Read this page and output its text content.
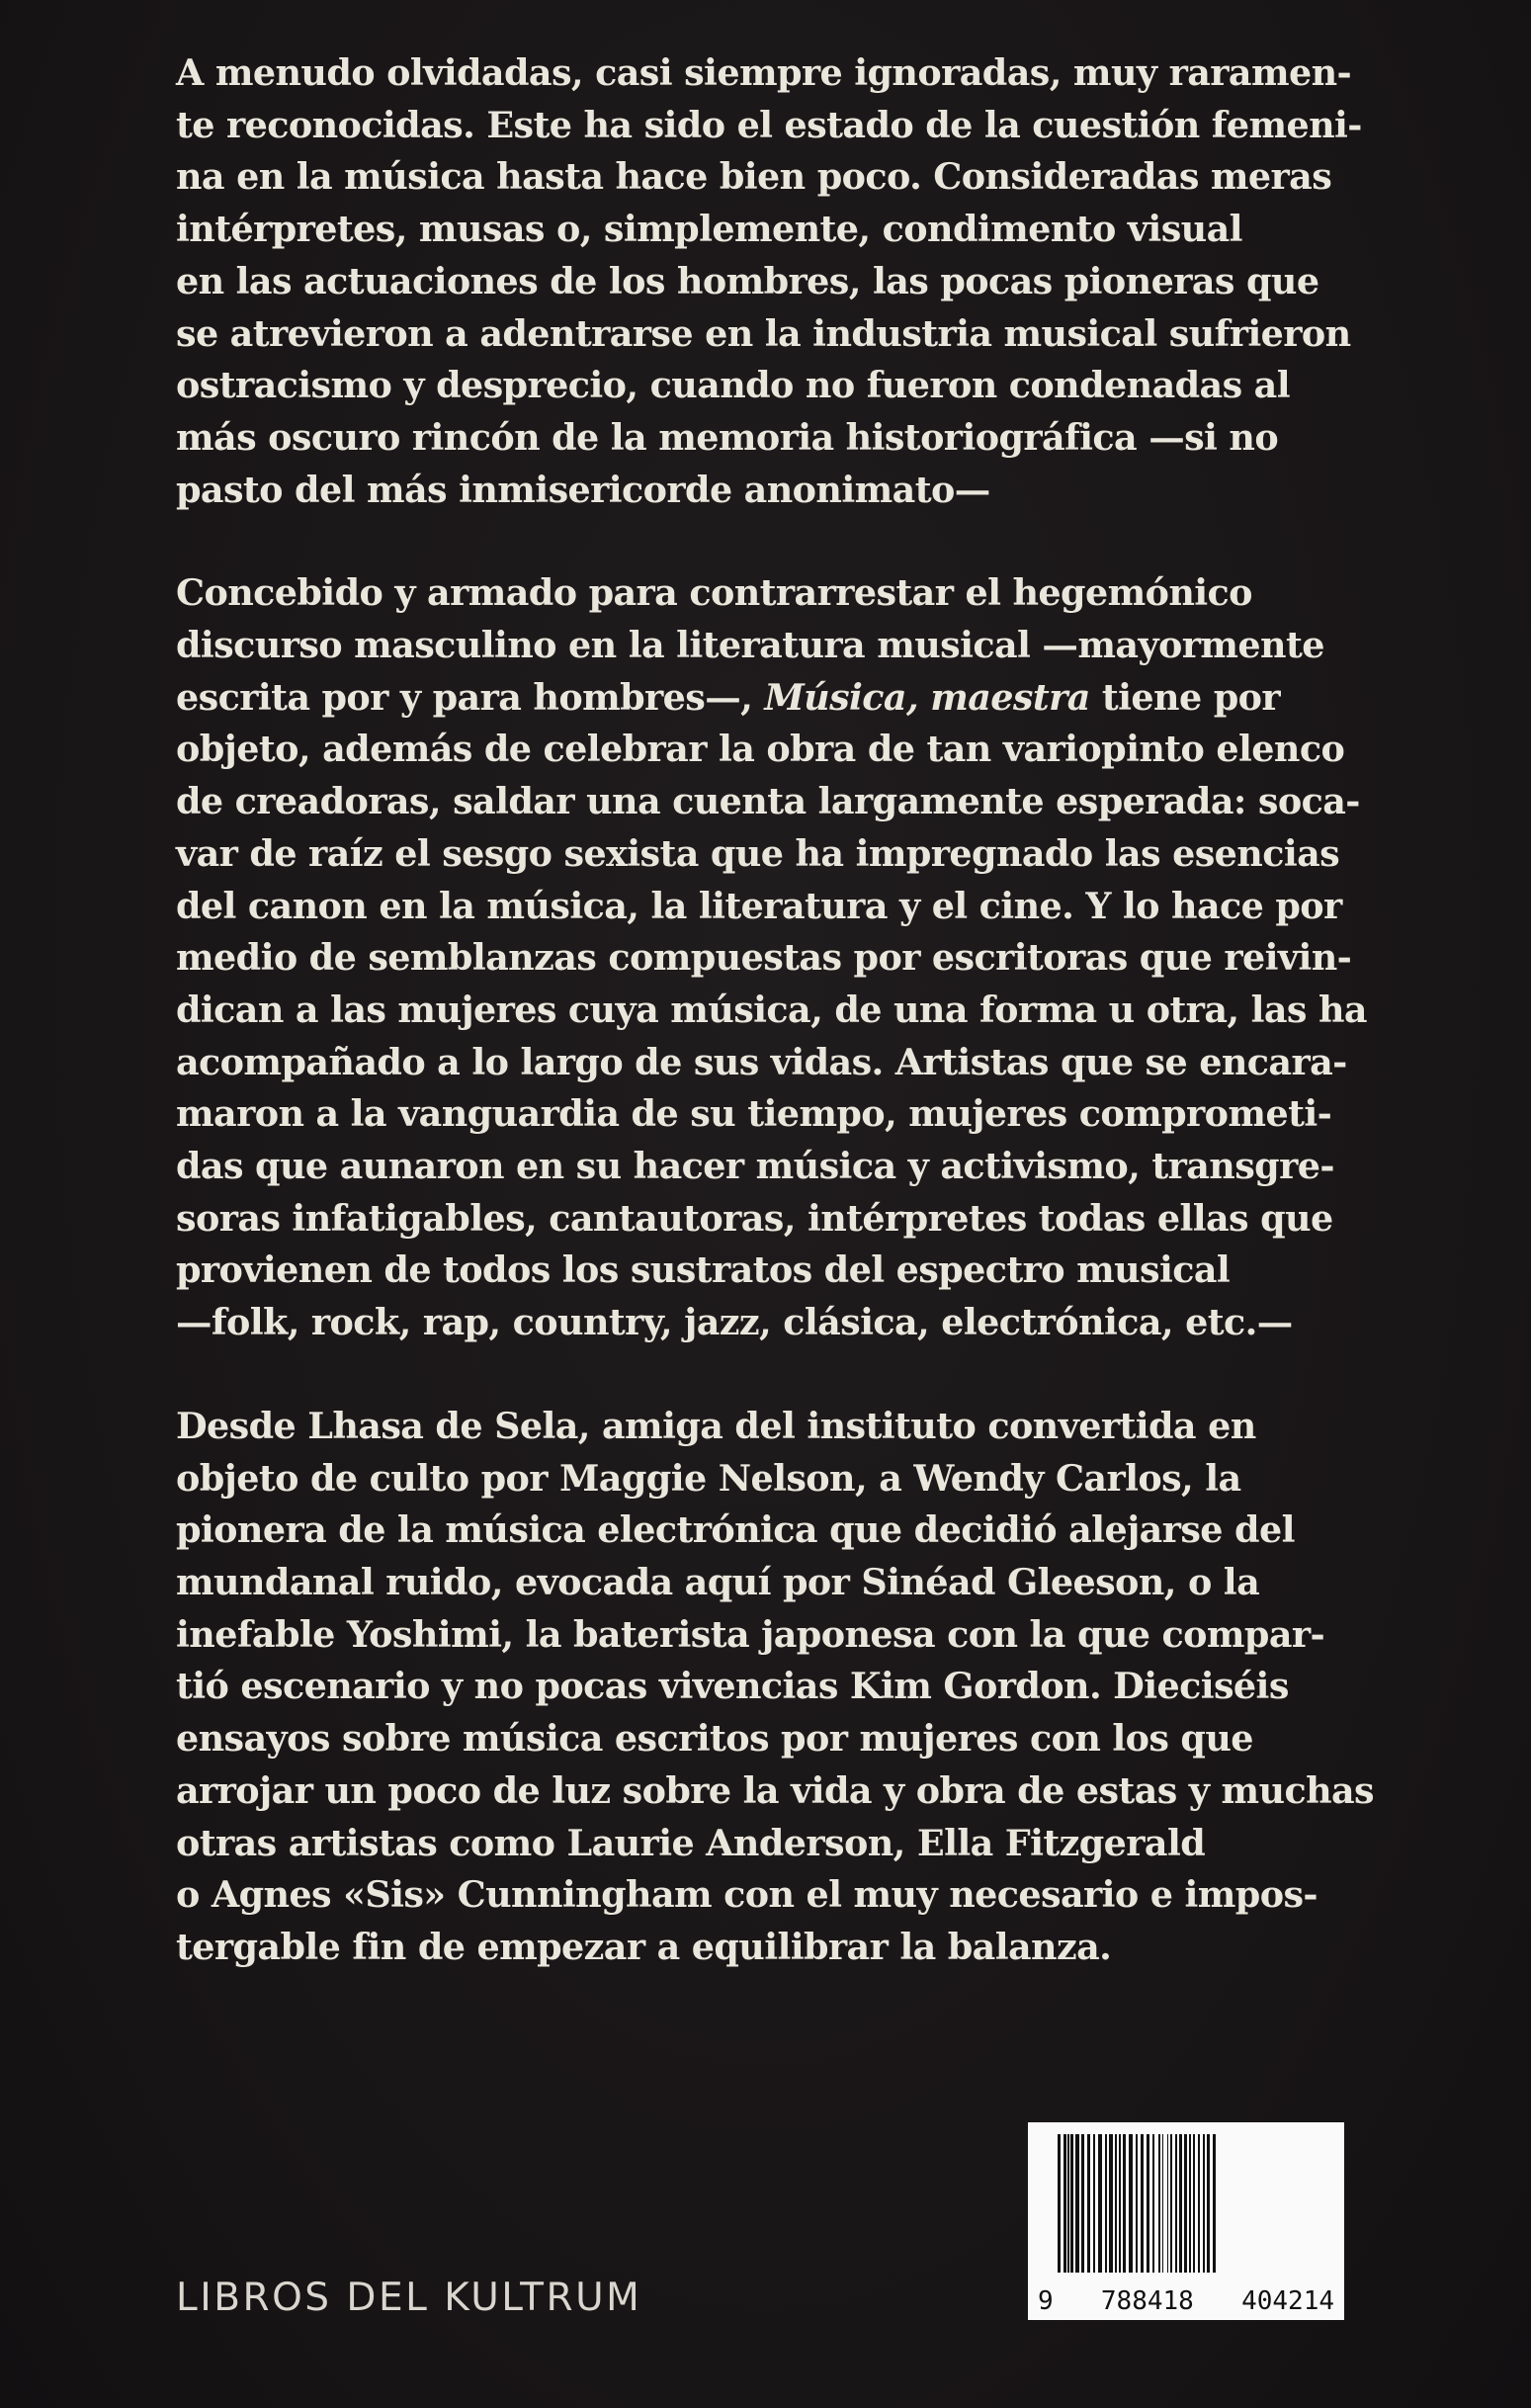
A menudo olvidadas, casi siempre ignoradas, muy raramen-
te reconocidas. Este ha sido el estado de la cuestión femeni-
na en la música hasta hace bien poco. Consideradas meras
intérpretes, musas o, simplemente, condimento visual
en las actuaciones de los hombres, las pocas pioneras que
se atrevieron a adentrarse en la industria musical sufrieron
ostracismo y desprecio, cuando no fueron condenadas al
más oscuro rincón de la memoria historiográfica —si no
pasto del más inmisericorde anonimato—

Concebido y armado para contrarrestar el hegemónico
discurso masculino en la literatura musical —mayormente
escrita por y para hombres—, Música, maestra tiene por
objeto, además de celebrar la obra de tan variopinto elenco
de creadoras, saldar una cuenta largamente esperada: soca-
var de raíz el sesgo sexista que ha impregnado las esencias
del canon en la música, la literatura y el cine. Y lo hace por
medio de semblanzas compuestas por escritoras que reivin-
dican a las mujeres cuya música, de una forma u otra, las ha
acompañado a lo largo de sus vidas. Artistas que se encara-
maron a la vanguardia de su tiempo, mujeres comprometi-
das que aunaron en su hacer música y activismo, transgre-
soras infatigables, cantautoras, intérpretes todas ellas que
provienen de todos los sustratos del espectro musical
—folk, rock, rap, country, jazz, clásica, electrónica, etc.—

Desde Lhasa de Sela, amiga del instituto convertida en
objeto de culto por Maggie Nelson, a Wendy Carlos, la
pionera de la música electrónica que decidió alejarse del
mundanal ruido, evocada aquí por Sinéad Gleeson, o la
inefable Yoshimi, la baterista japonesa con la que compar-
tió escenario y no pocas vivencias Kim Gordon. Dieciséis
ensayos sobre música escritos por mujeres con los que
arrojar un poco de luz sobre la vida y obra de estas y muchas
otras artistas como Laurie Anderson, Ella Fitzgerald
o Agnes «Sis» Cunningham con el muy necesario e impos-
tergable fin de empezar a equilibrar la balanza.

LIBROS DEL KULTRUM	9 788418 404214
